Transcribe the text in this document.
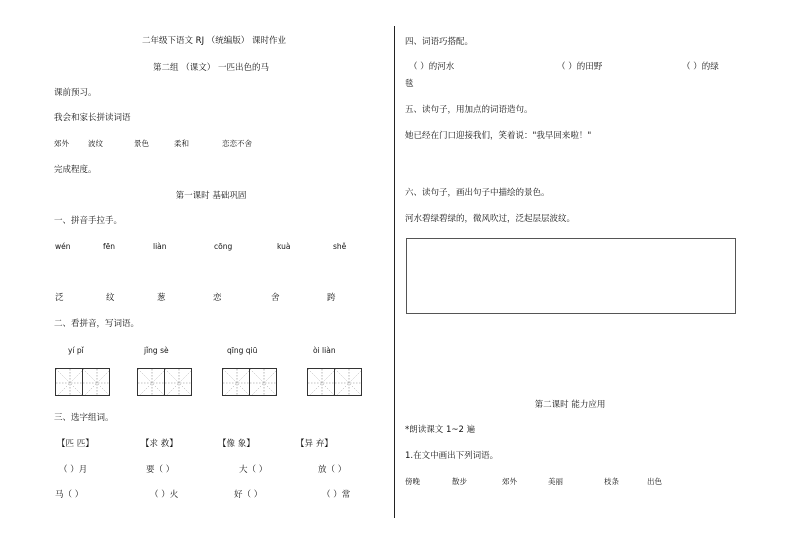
二年级下语文 RJ （统编版） 课时作业
第二组 （课文） 一匹出色的马
课前预习。
我会和家长拼读词语
郊外	波纹	景色	柔和	恋恋不舍
完成程度。
第一课时 基础巩固
一、拼音手拉手。
wén	fēn	liàn	cōng	kuà	shě
泛	纹	葱	恋	舍	跨
二、看拼音，写词语。
yí pǐ	jǐng sè	qīng qiū	òi liàn
三、选字组词。
【匹 匹】	【求 救】	【像 象】	【异 弃】
（ ）月	要（ ）	大（ ）	放（ ）
马（ ）	（ ）火	好（ ）	（ ）常
四、词语巧搭配。
（ ）的河水	（ ）的田野	（ ）的绿
毯
五、读句子，用加点的词语造句。
她已经在门口迎接我们，笑着说："我早回来啦！"
六、读句子，画出句子中描绘的景色。
河水碧绿碧绿的，微风吹过，泛起层层波纹。
第二课时 能力应用
*朗读课文 1~2 遍
1.在文中画出下列词语。
傍晚	散步	郊外	美丽	枝条	出色
